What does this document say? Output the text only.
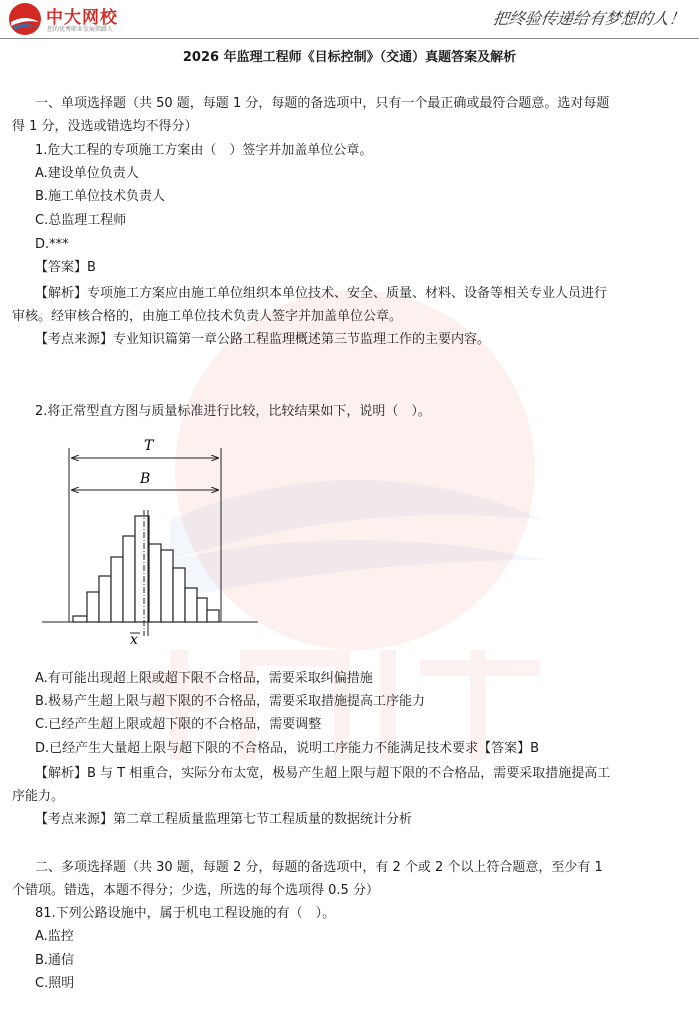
中大网校
您的优秀职业发展领路人
把终验传递给有梦想的人！
2026 年监理工程师《目标控制》（交通）真题答案及解析
一、单项选择题（共 50 题，每题 1 分，每题的备选项中，只有一个最正确或最符合题意。选对每题
得 1 分，没选或错选均不得分）
1.危大工程的专项施工方案由（　）签字并加盖单位公章。
A.建设单位负责人
B.施工单位技术负责人
C.总监理工程师
D.***
【答案】B
【解析】专项施工方案应由施工单位组织本单位技术、安全、质量、材料、设备等相关专业人员进行
审核。经审核合格的，由施工单位技术负责人签字并加盖单位公章。
【考点来源】专业知识篇第一章公路工程监理概述第三节监理工作的主要内容。
2.将正常型直方图与质量标准进行比较，比较结果如下，说明（　）。
T
B
x
A.有可能出现超上限或超下限不合格品，需要采取纠偏措施
B.极易产生超上限与超下限的不合格品，需要采取措施提高工序能力
C.已经产生超上限或超下限的不合格品，需要调整
D.已经产生大量超上限与超下限的不合格品，说明工序能力不能满足技术要求【答案】B
【解析】B 与 T 相重合，实际分布太宽，极易产生超上限与超下限的不合格品，需要采取措施提高工
序能力。
【考点来源】第二章工程质量监理第七节工程质量的数据统计分析
二、多项选择题（共 30 题，每题 2 分，每题的备选项中，有 2 个或 2 个以上符合题意，至少有 1
个错项。错选，本题不得分；少选，所选的每个选项得 0.5 分）
81.下列公路设施中，属于机电工程设施的有（　）。
A.监控
B.通信
C.照明
